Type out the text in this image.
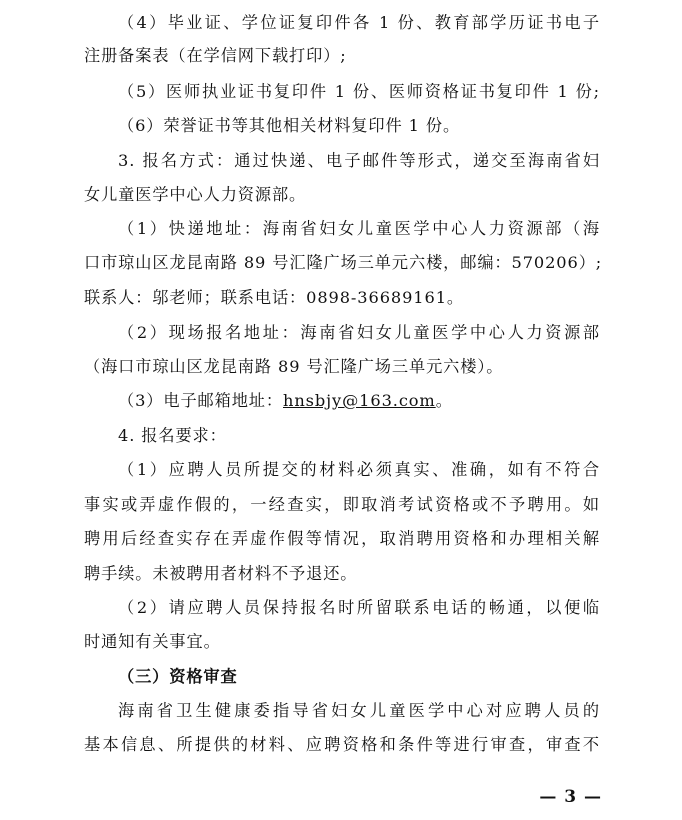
（4）毕业证、学位证复印件各 1 份、教育部学历证书电子

注册备案表（在学信网下载打印）;

（5）医师执业证书复印件 1 份、医师资格证书复印件 1 份;

（6）荣誉证书等其他相关材料复印件 1 份。

3. 报名方式：通过快递、电子邮件等形式，递交至海南省妇

女儿童医学中心人力资源部。

（1）快递地址：海南省妇女儿童医学中心人力资源部（海

口市琼山区龙昆南路 89 号汇隆广场三单元六楼，邮编：570206）;

联系人：邬老师；联系电话：0898-36689161。

（2）现场报名地址：海南省妇女儿童医学中心人力资源部

（海口市琼山区龙昆南路 89 号汇隆广场三单元六楼）。

（3）电子邮箱地址：hnsbjy@163.com。

4. 报名要求：

（1）应聘人员所提交的材料必须真实、准确，如有不符合

事实或弄虚作假的，一经查实，即取消考试资格或不予聘用。如

聘用后经查实存在弄虚作假等情况，取消聘用资格和办理相关解

聘手续。未被聘用者材料不予退还。

（2）请应聘人员保持报名时所留联系电话的畅通，以便临

时通知有关事宜。

（三）资格审查

海南省卫生健康委指导省妇女儿童医学中心对应聘人员的

基本信息、所提供的材料、应聘资格和条件等进行审查，审查不

— 3 —
